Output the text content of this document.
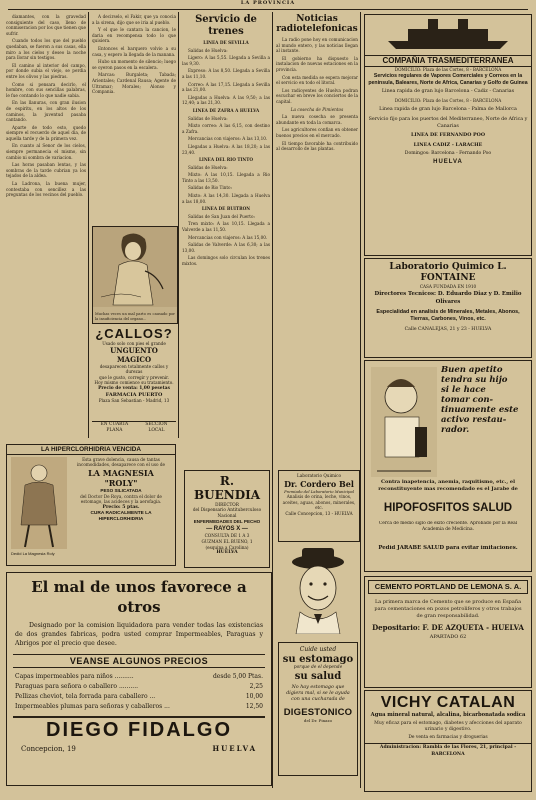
LA PROVINCIA

diamantes, con la gravedad consiguiente del caso, lleno de conmiseracion por los que tienen que sufrir.

Cuando todos los que del pueblo quedaban, se fueron a sus casas, ella miro a los cielos y deseo la noche para llorar sin testigos.

El camino al interior del campo, por donde subia el viejo, se perdia entre los olivos y las piedras.

Como si pensara decirlo, el hombre, con sus sencillas palabras, le fue contando lo que nadie sabia.

En las llanuras, con gran ilusion de espiritu, en los altos de los caminos, la juventud pasaba cantando.

Aparte de todo esto, quedo siempre el recuerdo de aquel dia, de aquella tarde y de la primera vez.

En cuanto al Senor de los cielos, siempre permanecia el mismo, sin cambio ni sombra de variacion.

Las horas pasaban lentas, y las sombras de la tarde cubrian ya los tejados de la aldea.

La Ladrona, la buena mujer, contestaba con sencillez a las preguntas de los vecinos del pueblo.

A decirselo, el Fakir, que ya conocia a la sirena, dijo que se iria al pueblo.

Y el que le cantara la cancion, le daria en recompensa todo lo que quisiera.

Entonces el barquero volvio a su casa, y espero la llegada de la manana.

Hubo un momento de silencio; luego se oyeron pasos en la escalera.

Marcas: Burgaleta; Tabada; Arientales; Cardenal Rausa; Agente de Ultramar; Morales; Alonso y Compania.

Muchas veces un mal parto es causado por la insuficiencia del organo...
¿CALLOS?
Usado solo con pies el grande
UNGUENTO MAGICO
desaparecen totalmente callos y durezas
que le gusto, corregir y prevenir.
Hoy mismo comience su tratamiento.
Precio de venta: 1,00 pesetas
FARMACIA PUERTO
Plaza San Sebastian - Madrid, 13
EN CUARTA PLANA
SECCION LOCAL
LA HIPERCLORHIDRIA VENCIDA
Dedid La Magnesia Roly
Esta grave dolencia, causa de tantas incomodidades, desaparece con el uso de
LA MAGNESIA "ROLY"
PESO SILICATADA
del Doctor De Roya, contra el dolor de estomago, las acideces y la aerofagia.
Precio: 5 ptas.
CURA RADICALMENTE LA HIPERCLORHIDRIA
Servicio de trenes
LINEA DE SEVILLA

Salidas de Huelva:

Ligero: A las 5,55. Llegada a Sevilla a las 9,30.

Expreso: A las 8,50. Llegada a Sevilla a las 11,10.

Correo: A las 17,15. Llegada a Sevilla a las 21,00.

Llegadas a Huelva: A las 9,50; a las 12,40; a las 21,30.

LINEA DE ZAFRA A HUELVA

Salidas de Huelva:

Mixto correo: A las 6,15, con destino a Zafra.

Mercancias con viajeros: A las 13,10.

Llegadas a Huelva: A las 18,20; a las 23,40.

LINEA DEL RIO TINTO

Salidas de Huelva:

Mixto: A las 10,15. Llegada a Rio Tinto a las 13,50.

Salidas de Rio Tinto:

Mixto: A las 14,30. Llegada a Huelva a las 18,00.

LINEA DE BUITRON

Salidas de San Juan del Puerto:

Tren mixto: A las 10,15. Llegada a Valverde a las 11,50.

Mercancias con viajeros: A las 15,00.

Salidas de Valverde: A las 6,30; a las 13,00.

Las domingos solo circulan los trenes mixtos.

R. BUENDIA
DIRECTOR
del Dispensario Antituberculoso Nacional
ENFERMEDADES DEL PECHO
— RAYOS X —
CONSULTA DE 1 A 3
GUZMAN EL BUENO, 1
(esquina a Carolina)
HUELVA
Noticias radiotelefonicas

La radio pone hoy en comunicacion al mundo entero, y las noticias llegan al instante.

El gobierno ha dispuesto la instalacion de nuevas estaciones en la provincia.

Con esta medida se espera mejorar el servicio en todo el litoral.

Los radioyentes de Huelva podran escuchar en breve los conciertos de la capital.

La cosecha de Pimientos

La nueva cosecha se presenta abundante en toda la comarca.

Los agricultores confian en obtener buenos precios en el mercado.

El tiempo favorable ha contribuido al desarrollo de las plantas.

Laboratorio Quimico
Dr. Cordero Bel
Premiado del Laboratorio Municipal
Analisis de orina, leche, vinos, aceites, aguas, abonos, minerales, etc.
Calle Concepcion, 13 - HUELVA
Cuide usted
su estomago
porque de el depende
su salud
No hay estomago que digiera mal, si se le ayuda con una cucharada de
DIGESTONICO
del Dr. Pinazo
COMPAÑIA TRASMEDITERRANEA
DOMICILIO: Plaza de las Cortes, 8 - BARCELONA
Servicios regulares de Vapores Comerciales y Correos en la peninsula, Baleares, Norte de Africa, Canarias y Golfo de Guinea
Linea rapida de gran lujo Barcelona - Cadiz - Canarias
DOMICILIO: Plaza de las Cortes, 8 - BARCELONA
Linea rapida de gran lujo Barcelona - Palma de Mallorca
Servicio fijo para los puertos del Mediterraneo, Norte de Africa y Canarias
LINEA DE FERNANDO POO
LINEA CADIZ - LARACHE
Domingos: Barcelona - Fernando Poo
HUELVA
Laboratorio Quimico L. FONTAINE
CASA FUNDADA EN 1910
Directores Tecnicos: D. Eduardo Diaz y D. Emilio Olivares
Especialidad en analisis de Minerales, Metales, Abonos, Tierras, Carbones, Vinos, etc.
Calle CANALEJAS, 21 y 23 - HUELVA
Buen apetito
tendra su hijo
si le hace
tomar con-
tinuamente este
activo restau-
rador.
Contra inapetencia, anemia, raquitismo, etc., el reconstituyente mas recomendado es el Jarabe de
HIPOFOSFITOS SALUD
Cerca de medio siglo de exito creciente. Aprobado por la Real Academia de Medicina.
Pedid JARABE SALUD para evitar imitaciones.
CEMENTO PORTLAND DE LEMONA S. A.
La primera marca de Cemento que se produce en España para cementaciones en pozos petroliferos y otros trabajos de gran responsabilidad.
Depositario: F. DE AZQUETA - HUELVA
APARTADO 62
VICHY CATALAN
Agua mineral natural, alcalina, bicarbonatada sodica
Muy eficaz para el estomago, diabetes y afecciones del aparato urinario y digestivo.
De venta en farmacias y droguerias
Administracion: Rambla de las Flores, 21, principal - BARCELONA
El mal de unos favorece a otros
Designado por la comision liquidadora para vender todas las existencias de dos grandes fabricas, podra usted comprar Impermeables, Paraguas y Abrigos por el precio que desee.
VEANSE ALGUNOS PRECIOS
Capas impermeables para niños ..........	desde 5,00 Ptas.
Paraguas para señora o caballero ..........	2,25
Pellizas cheviot, tela forrada para caballero ...	10,00
Impermeables plumas para señoras y caballeros ...	12,50
DIEGO FIDALGO
Concepcion, 19	HUELVA
